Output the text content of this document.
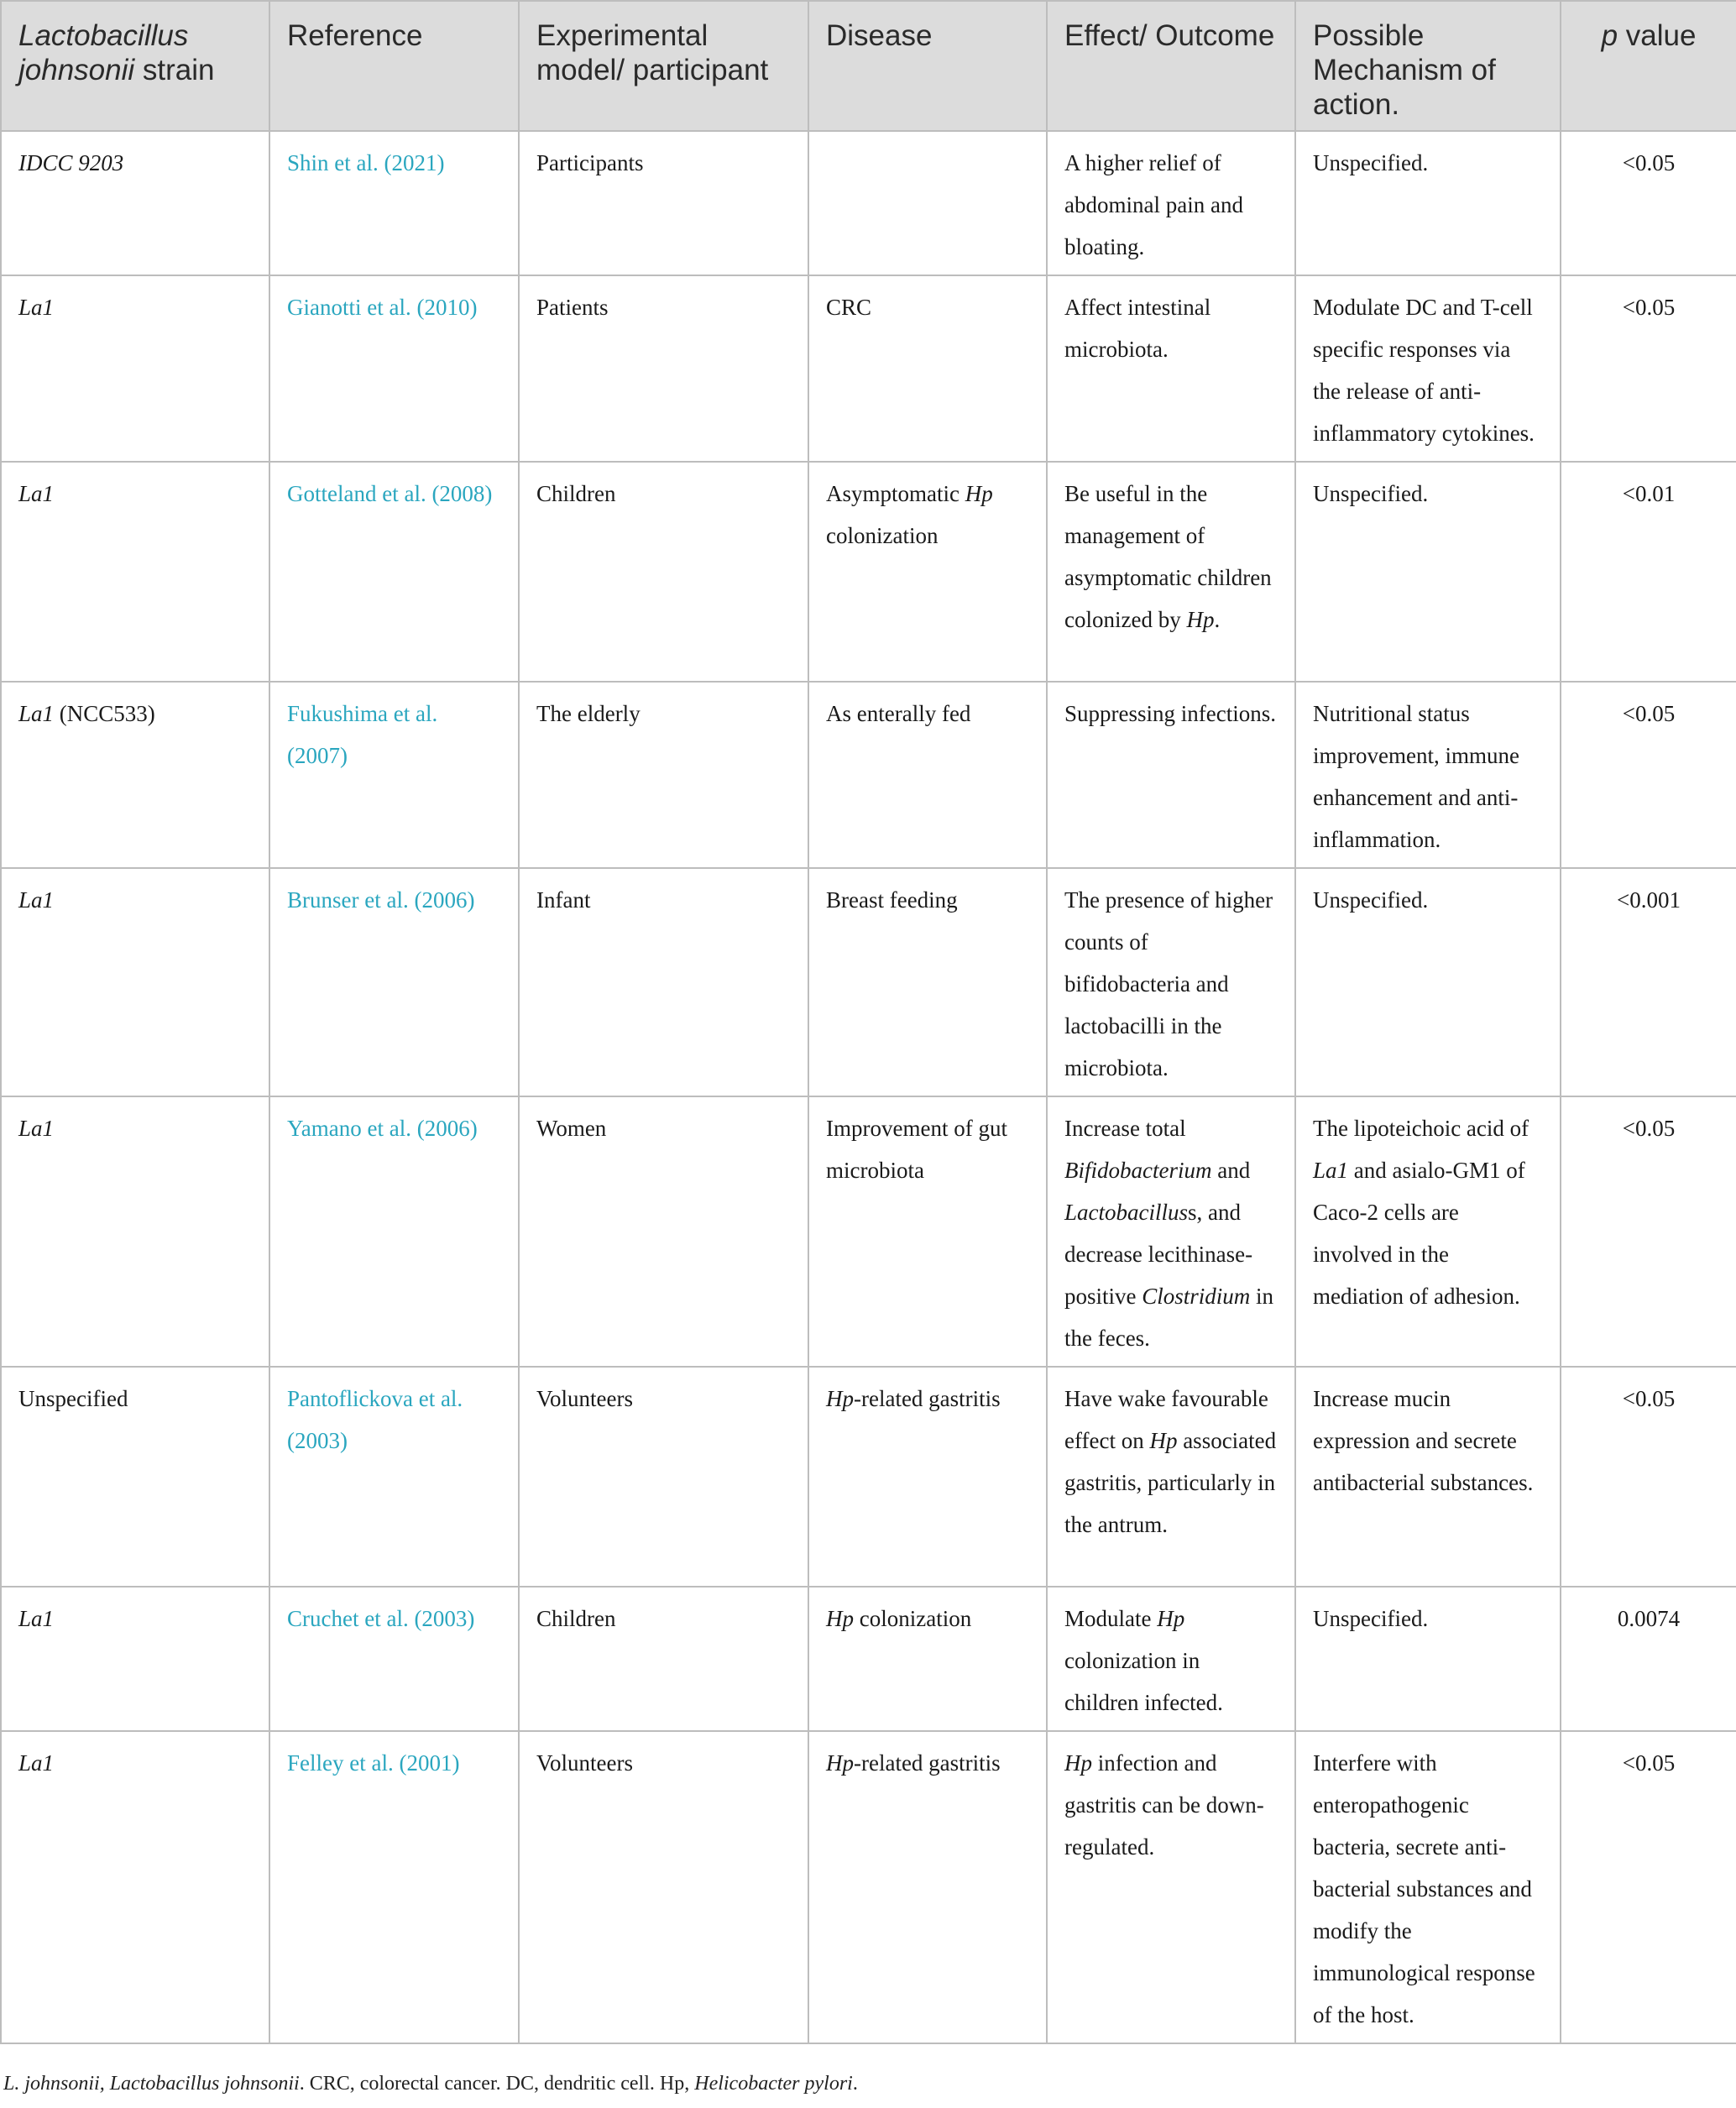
Lactobacillus johnsonii strain	Reference	Experimental model/ participant	Disease	Effect/ Outcome	Possible Mechanism of action.	p value
IDCC 9203	Shin et al. (2021)	Participants		A higher relief of abdominal pain and bloating.	Unspecified.	<0.05
La1	Gianotti et al. (2010)	Patients	CRC	Affect intestinal microbiota.	Modulate DC and T-cell specific responses via the release of anti-inflammatory cytokines.	<0.05
La1	Gotteland et al. (2008)	Children	Asymptomatic Hp colonization	Be useful in the management of asymptomatic children colonized by Hp.	Unspecified.	<0.01
La1 (NCC533)	Fukushima et al. (2007)	The elderly	As enterally fed	Suppressing infections.	Nutritional status improvement, immune enhancement and anti-inflammation.	<0.05
La1	Brunser et al. (2006)	Infant	Breast feeding	The presence of higher counts of bifidobacteria and lactobacilli in the microbiota.	Unspecified.	<0.001
La1	Yamano et al. (2006)	Women	Improvement of gut microbiota	Increase total Bifidobacterium and Lactobacilluss, and decrease lecithinase-positive Clostridium in the feces.	The lipoteichoic acid of La1 and asialo-GM1 of Caco-2 cells are involved in the mediation of adhesion.	<0.05
Unspecified	Pantoflickova et al. (2003)	Volunteers	Hp-related gastritis	Have wake favourable effect on Hp associated gastritis, particularly in the antrum.	Increase mucin expression and secrete antibacterial substances.	<0.05
La1	Cruchet et al. (2003)	Children	Hp colonization	Modulate Hp colonization in children infected.	Unspecified.	0.0074
La1	Felley et al. (2001)	Volunteers	Hp-related gastritis	Hp infection and gastritis can be down-regulated.	Interfere with enteropathogenic bacteria, secrete anti-bacterial substances and modify the immunological response of the host.	<0.05
L. johnsonii, Lactobacillus johnsonii. CRC, colorectal cancer. DC, dendritic cell. Hp, Helicobacter pylori.
